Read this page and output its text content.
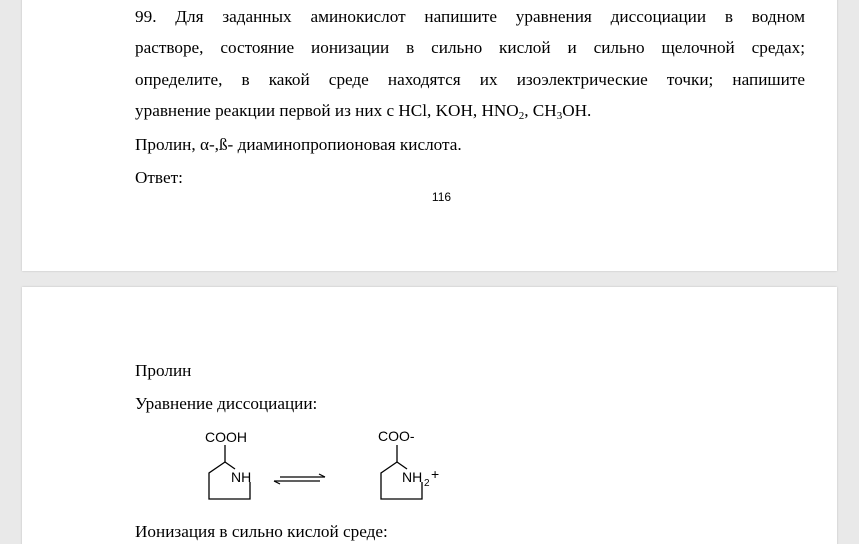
99. Для заданных аминокислот напишите уравнения диссоциации в водном
растворе, состояние ионизации в сильно кислой и сильно щелочной средах;
определите, в какой среде находятся их изоэлектрические точки; напишите
уравнение реакции первой из них с HCl, KOH, $HNO_2$, $CH_3OH$.
Пролин, α-,ß- диаминопропионовая кислота.
Ответ:
116
Пролин
Уравнение диссоциации:
COOH
NH
COO-
NH 2
+
Ионизация в сильно кислой среде:
